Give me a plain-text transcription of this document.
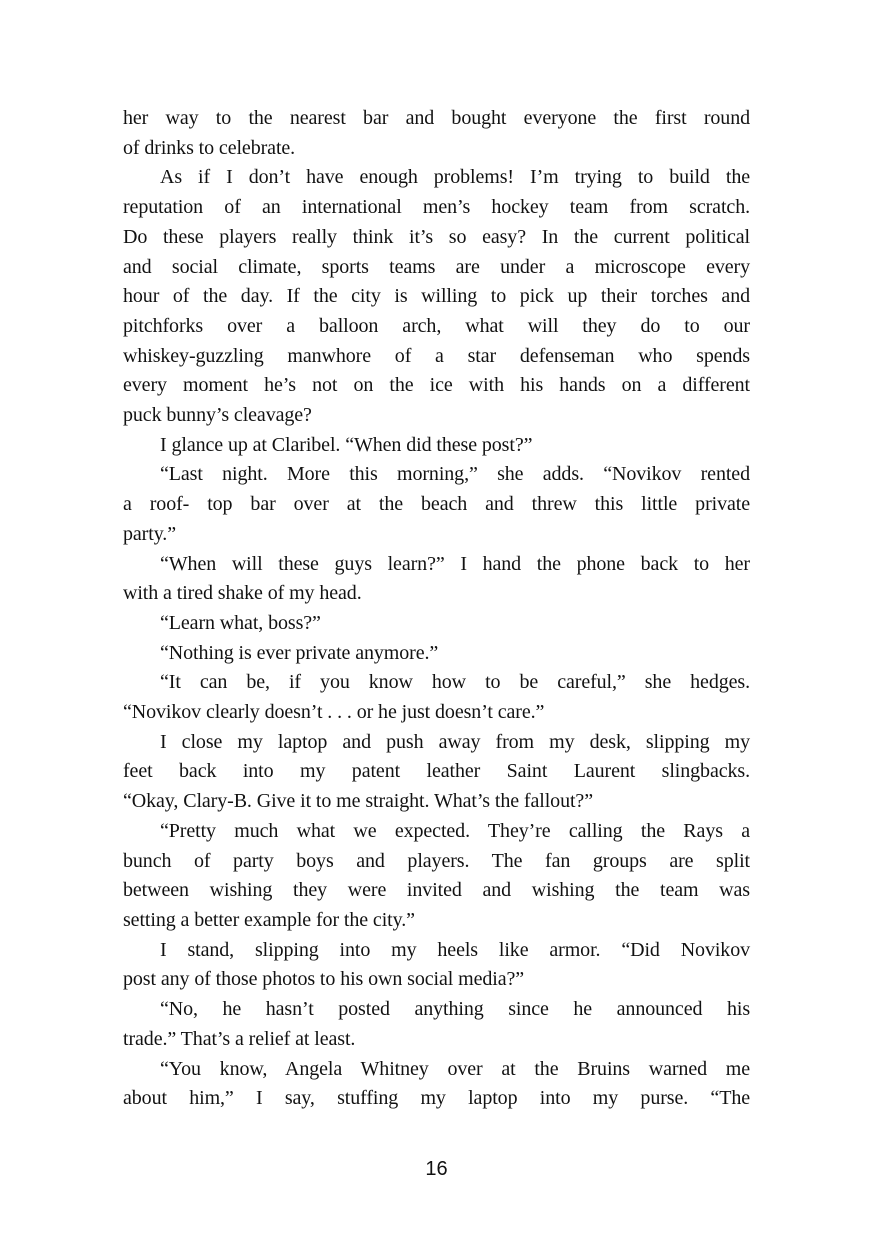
her way to the nearest bar and bought everyone the first round
of drinks to celebrate.
As if I don’t have enough problems! I’m trying to build the
reputation of an international men’s hockey team from scratch.
Do these players really think it’s so easy? In the current political
and social climate, sports teams are under a microscope every
hour of the day. If the city is willing to pick up their torches and
pitchforks over a balloon arch, what will they do to our
whiskey-guzzling manwhore of a star defenseman who spends
every moment he’s not on the ice with his hands on a different
puck bunny’s cleavage?
I glance up at Claribel. “When did these post?”
“Last night. More this morning,” she adds. “Novikov rented
a roof- top bar over at the beach and threw this little private
party.”
“When will these guys learn?” I hand the phone back to her
with a tired shake of my head.
“Learn what, boss?”
“Nothing is ever private anymore.”
“It can be, if you know how to be careful,” she hedges.
“Novikov clearly doesn’t . . . or he just doesn’t care.”
I close my laptop and push away from my desk, slipping my
feet back into my patent leather Saint Laurent slingbacks.
“Okay, Clary-B. Give it to me straight. What’s the fallout?”
“Pretty much what we expected. They’re calling the Rays a
bunch of party boys and players. The fan groups are split
between wishing they were invited and wishing the team was
setting a better example for the city.”
I stand, slipping into my heels like armor. “Did Novikov
post any of those photos to his own social media?”
“No, he hasn’t posted anything since he announced his
trade.” That’s a relief at least.
“You know, Angela Whitney over at the Bruins warned me
about him,” I say, stuffing my laptop into my purse. “The
16
